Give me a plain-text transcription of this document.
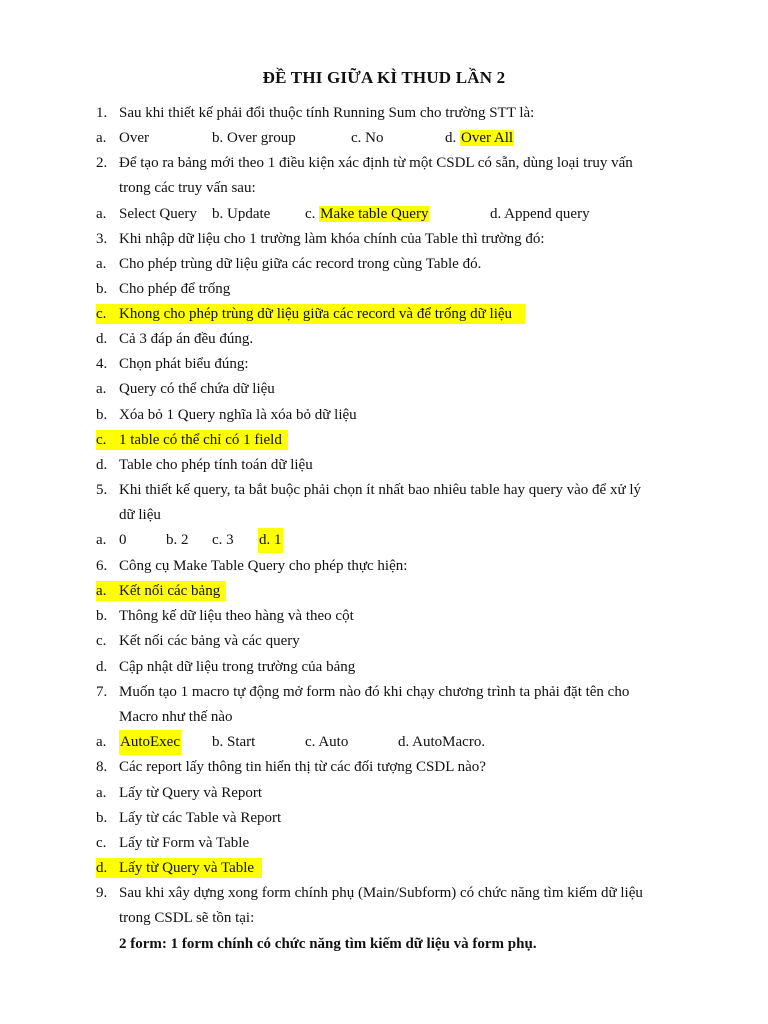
ĐỀ THI GIỮA KÌ THUD LẦN 2
1. Sau khi thiết kế phải đổi thuộc tính Running Sum cho trường STT là:
a. Over	b. Over group	c. No	d. Over All
2. Để tạo ra bảng mới theo 1 điều kiện xác định từ một CSDL có sẵn, dùng loại truy vấn
trong các truy vấn sau:
a. Select Query b. Update c. Make table Query	d. Append query
3. Khi nhập dữ liệu cho 1 trường làm khóa chính của Table thì trường đó:
a. Cho phép trùng dữ liệu giữa các record trong cùng Table đó.
b. Cho phép để trống
c. Khong cho phép trùng dữ liệu giữa các record và để trống dữ liệu
d. Cả 3 đáp án đều đúng.
4. Chọn phát biểu đúng:
a. Query có thể chứa dữ liệu
b. Xóa bỏ 1 Query nghĩa là xóa bỏ dữ liệu
c. 1 table có thể chỉ có 1 field
d. Table cho phép tính toán dữ liệu
5. Khi thiết kế query, ta bắt buộc phải chọn ít nhất bao nhiêu table hay query vào để xử lý
dữ liệu
a. 0	b. 2 c. 3 d. 1
6. Công cụ Make Table Query cho phép thực hiện:
a. Kết nối các bảng
b. Thông kế dữ liệu theo hàng và theo cột
c. Kết nối các bảng và các query
d. Cập nhật dữ liệu trong trường của bảng
7. Muốn tạo 1 macro tự động mở form nào đó khi chạy chương trình ta phải đặt tên cho
Macro như thế nào
a. AutoExec b. Start	c. Auto	d. AutoMacro.
8. Các report lấy thông tin hiển thị từ các đối tượng CSDL nào?
a. Lấy từ Query và Report
b. Lấy từ các Table và Report
c. Lấy từ Form và Table
d. Lấy từ Query và Table
9. Sau khi xây dựng xong form chính phụ (Main/Subform) có chức năng tìm kiếm dữ liệu
trong CSDL sẽ tồn tại:
2 form: 1 form chính có chức năng tìm kiếm dữ liệu và form phụ.
